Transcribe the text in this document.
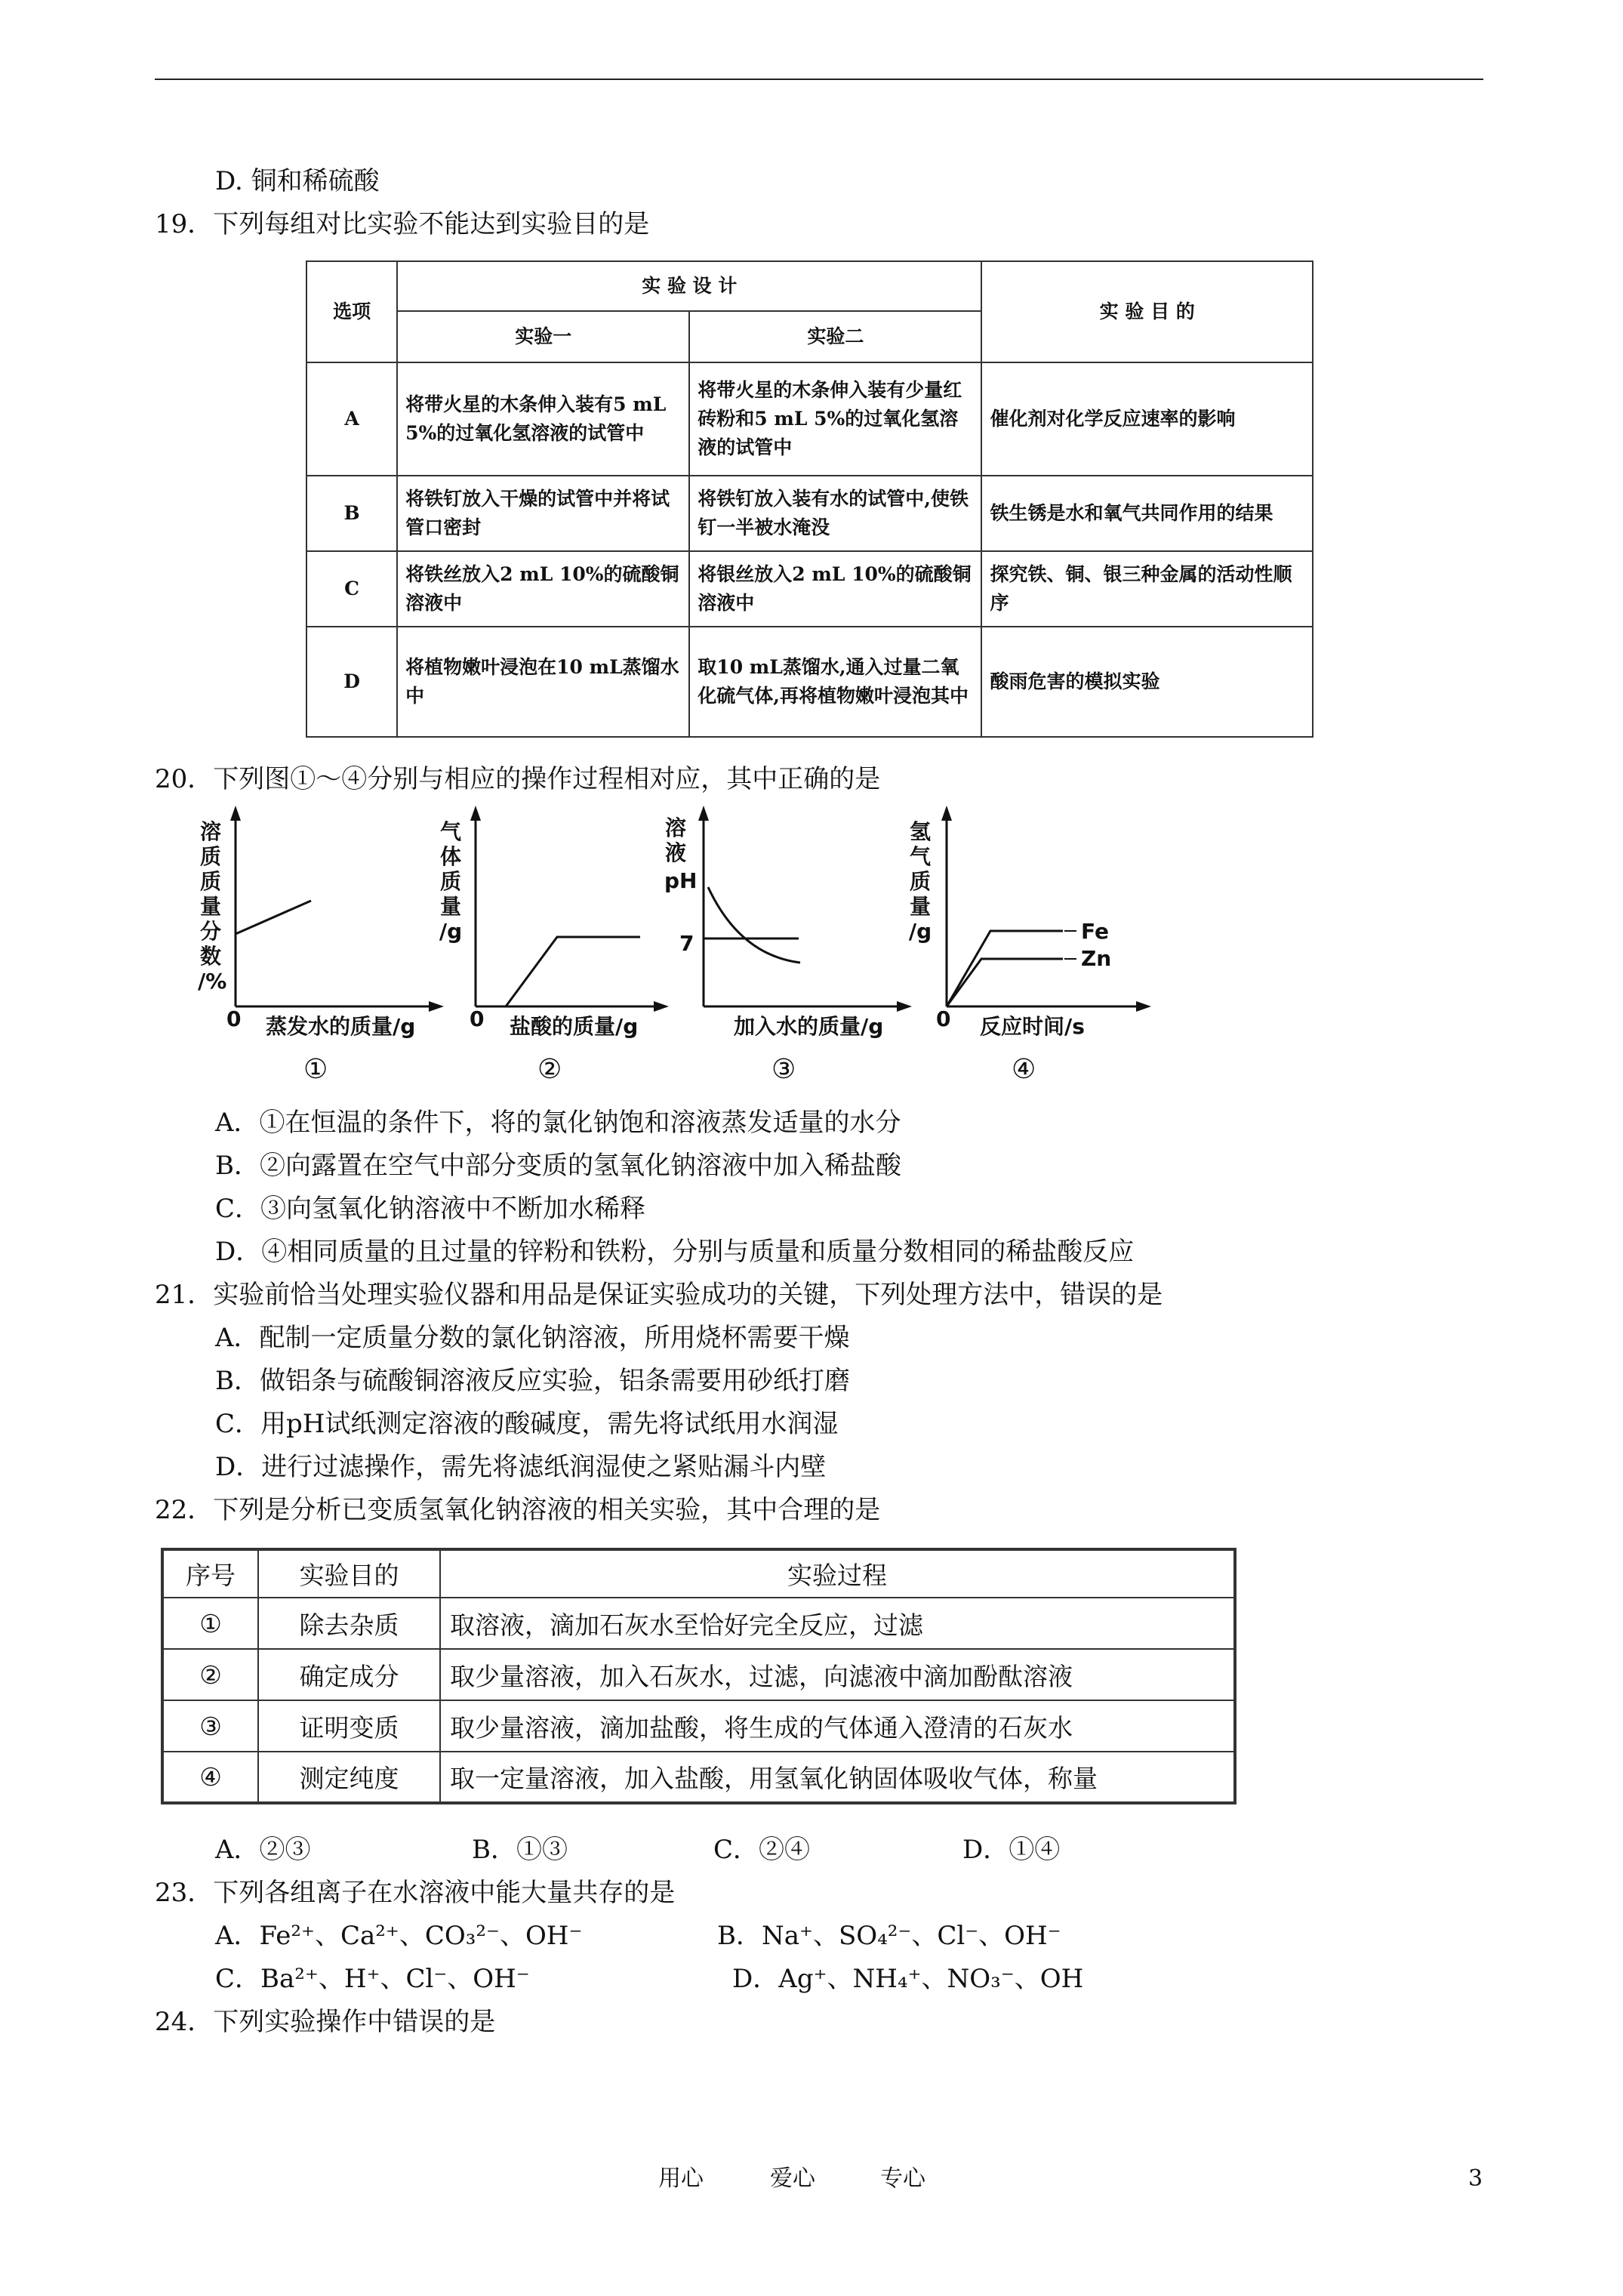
D. 铜和稀硫酸
19．下列每组对比实验不能达到实验目的是
选项	实 验 设 计		实 验 目 的
	实验一	实验二	
A	将带火星的木条伸入装有5 mL 5%的过氧化氢溶液的试管中	将带火星的木条伸入装有少量红砖粉和5 mL 5%的过氧化氢溶液的试管中	催化剂对化学反应速率的影响
B	将铁钉放入干燥的试管中并将试管口密封	将铁钉放入装有水的试管中,使铁钉一半被水淹没	铁生锈是水和氧气共同作用的结果
C	将铁丝放入2 mL 10%的硫酸铜溶液中	将银丝放入2 mL 10%的硫酸铜溶液中	探究铁、铜、银三种金属的活动性顺序
D	将植物嫩叶浸泡在10 mL蒸馏水中	取10 mL蒸馏水,通入过量二氧化硫气体,再将植物嫩叶浸泡其中	酸雨危害的模拟实验
20．下列图①～④分别与相应的操作过程相对应，其中正确的是
溶
质
质
量
分
数
/%
0 蒸发水的质量/g
①
气
体
质
量
/g
0 盐酸的质量/g
②
溶
液
pH
7
加入水的质量/g
③
氢
气
质
量
/g	Fe
Zn
0 反应时间/s
④
A．①在恒温的条件下，将的氯化钠饱和溶液蒸发适量的水分
B．②向露置在空气中部分变质的氢氧化钠溶液中加入稀盐酸
C．③向氢氧化钠溶液中不断加水稀释
D．④相同质量的且过量的锌粉和铁粉，分别与质量和质量分数相同的稀盐酸反应
21．实验前恰当处理实验仪器和用品是保证实验成功的关键，下列处理方法中，错误的是
A．配制一定质量分数的氯化钠溶液，所用烧杯需要干燥
B．做铝条与硫酸铜溶液反应实验，铝条需要用砂纸打磨
C．用pH试纸测定溶液的酸碱度，需先将试纸用水润湿
D．进行过滤操作，需先将滤纸润湿使之紧贴漏斗内壁
22．下列是分析已变质氢氧化钠溶液的相关实验，其中合理的是
序号	实验目的	实验过程
①	除去杂质	取溶液，滴加石灰水至恰好完全反应，过滤
②	确定成分	取少量溶液，加入石灰水，过滤，向滤液中滴加酚酞溶液
③	证明变质	取少量溶液，滴加盐酸，将生成的气体通入澄清的石灰水
④	测定纯度	取一定量溶液，加入盐酸，用氢氧化钠固体吸收气体，称量
A．②③	B．①③	C．②④	D．①④
23．下列各组离子在水溶液中能大量共存的是
A．Fe²⁺、Ca²⁺、CO₃²⁻、OH⁻	B．Na⁺、SO₄²⁻、Cl⁻、OH⁻
C．Ba²⁺、H⁺、Cl⁻、OH⁻	D．Ag⁺、NH₄⁺、NO₃⁻、OH
24．下列实验操作中错误的是
用心	爱心	专心	3
